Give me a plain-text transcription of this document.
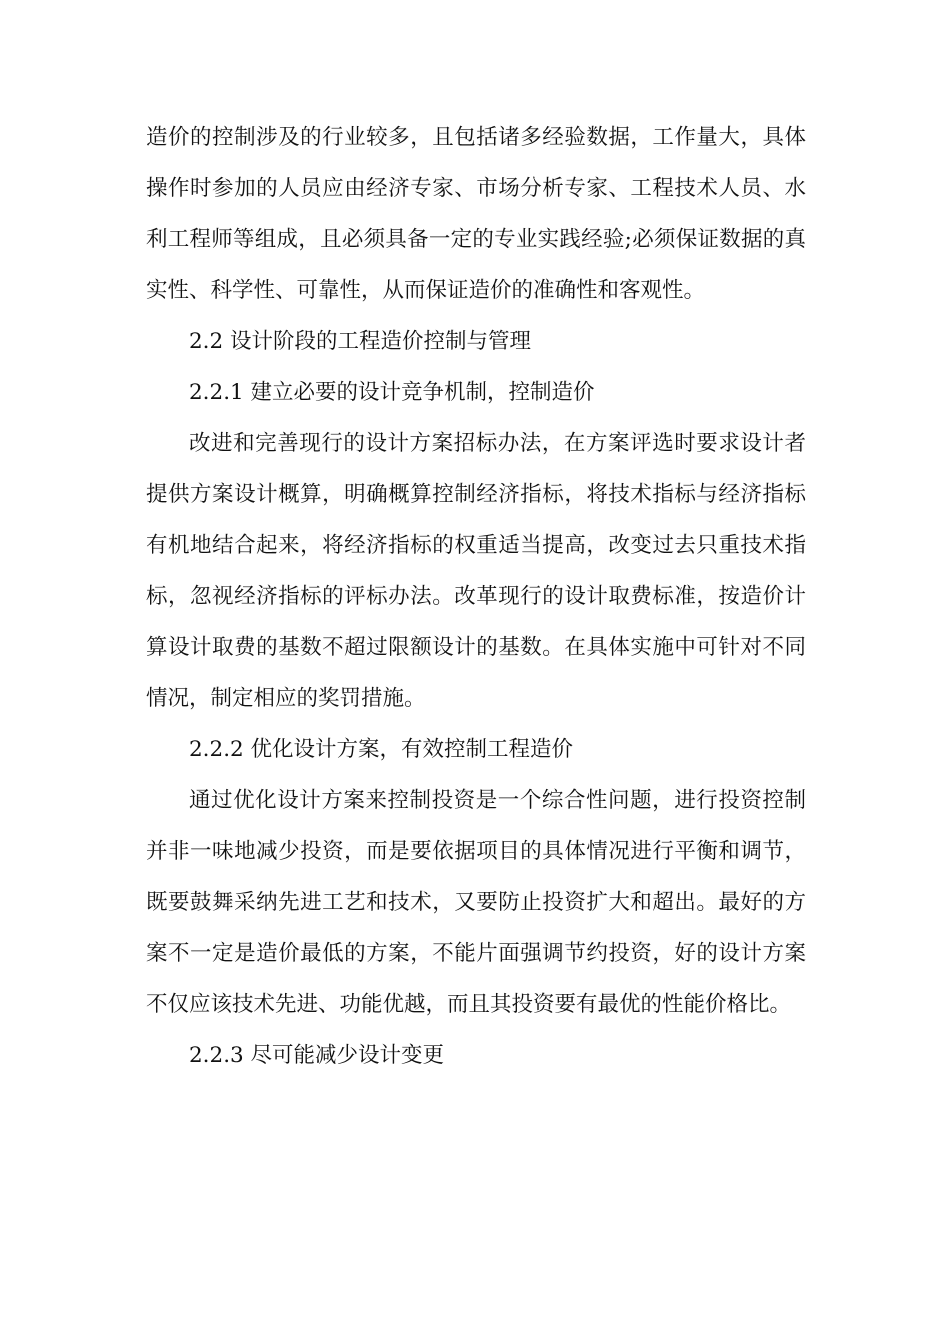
造价的控制涉及的行业较多，且包括诸多经验数据，工作量大，具体操作时参加的人员应由经济专家、市场分析专家、工程技术人员、水利工程师等组成，且必须具备一定的专业实践经验;必须保证数据的真实性、科学性、可靠性，从而保证造价的准确性和客观性。

2.2 设计阶段的工程造价控制与管理

2.2.1 建立必要的设计竞争机制，控制造价

改进和完善现行的设计方案招标办法，在方案评选时要求设计者提供方案设计概算，明确概算控制经济指标，将技术指标与经济指标有机地结合起来，将经济指标的权重适当提高，改变过去只重技术指标，忽视经济指标的评标办法。改革现行的设计取费标准，按造价计算设计取费的基数不超过限额设计的基数。在具体实施中可针对不同情况，制定相应的奖罚措施。

2.2.2 优化设计方案，有效控制工程造价

通过优化设计方案来控制投资是一个综合性问题，进行投资控制并非一味地减少投资，而是要依据项目的具体情况进行平衡和调节，既要鼓舞采纳先进工艺和技术，又要防止投资扩大和超出。最好的方案不一定是造价最低的方案，不能片面强调节约投资，好的设计方案不仅应该技术先进、功能优越，而且其投资要有最优的性能价格比。

2.2.3 尽可能减少设计变更
